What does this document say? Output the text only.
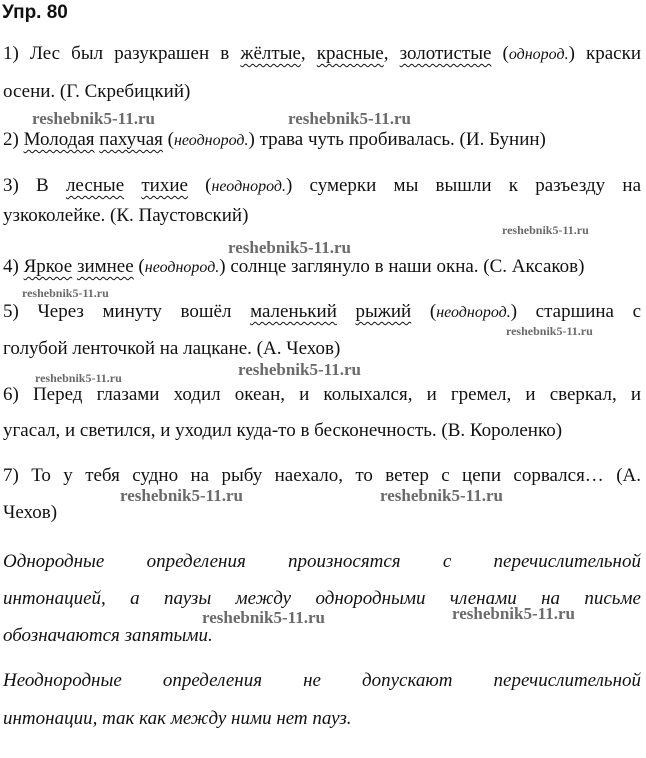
Упр. 80
1) Лес был разукрашен в жёлтые, красные, золотистые (однород.) краски
осени. (Г. Скребицкий)
2) Молодая пахучая (неоднород.) трава чуть пробивалась. (И. Бунин)
3) В лесные тихие (неоднород.) сумерки мы вышли к разъезду на
узкоколейке. (К. Паустовский)
4) Яркое зимнее (неоднород.) солнце заглянуло в наши окна. (С. Аксаков)
5) Через минуту вошёл маленький рыжий (неоднород.) старшина с
голубой ленточкой на лацкане. (А. Чехов)
6) Перед глазами ходил океан, и колыхался, и гремел, и сверкал, и
угасал, и светился, и уходил куда-то в бесконечность. (В. Короленко)
7) То у тебя судно на рыбу наехало, то ветер с цепи сорвался… (А.
Чехов)
Однородные определения произносятся с перечислительной
интонацией, а паузы между однородными членами на письме
обозначаются запятыми.
Неоднородные определения не допускают перечислительной
интонации, так как между ними нет пауз.
reshebnik5-11.ru	reshebnik5-11.ru
reshebnik5-11.ru
reshebnik5-11.ru
reshebnik5-11.ru
reshebnik5-11.ru
reshebnik5-11.ru
reshebnik5-11.ru
reshebnik5-11.ru	reshebnik5-11.ru
reshebnik5-11.ru
reshebnik5-11.ru
